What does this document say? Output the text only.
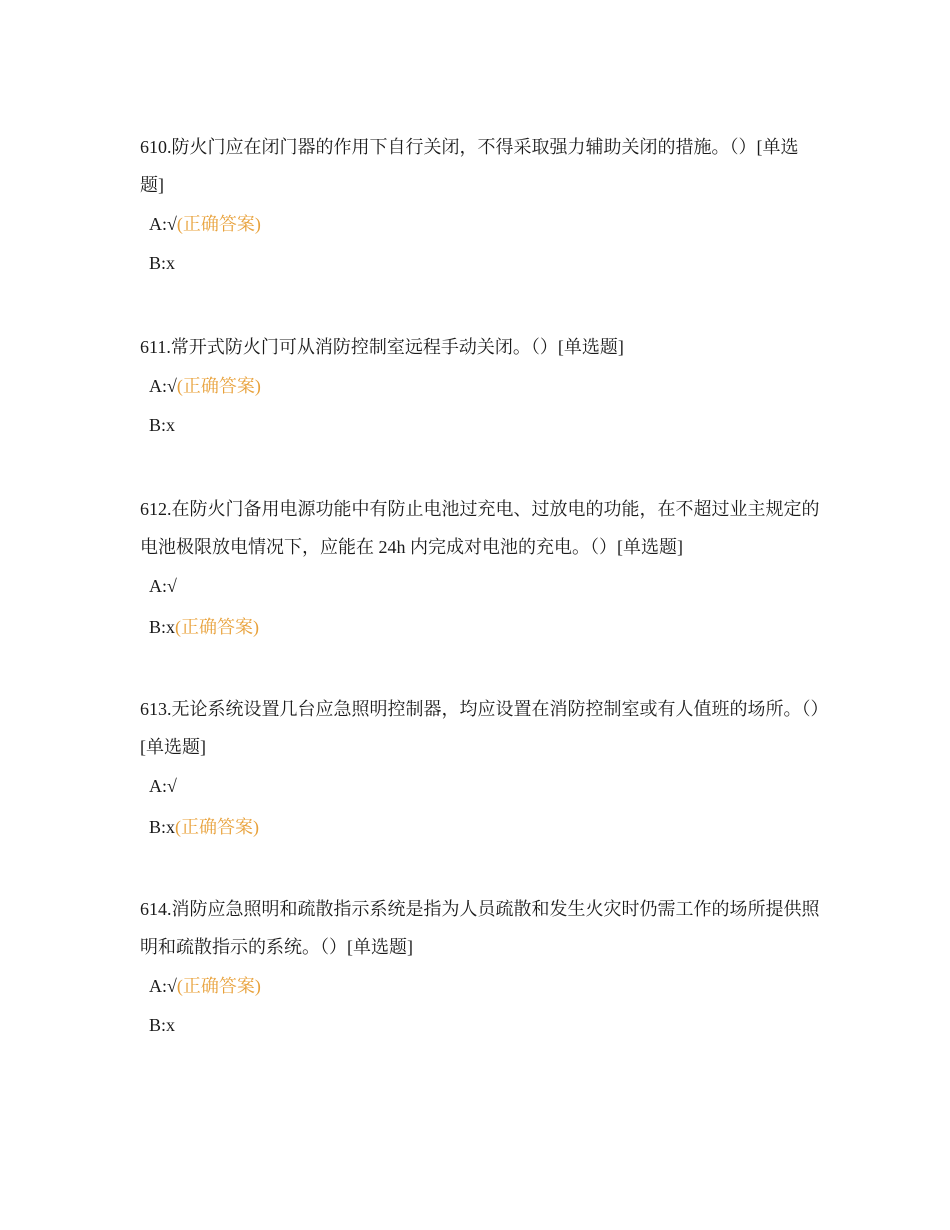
610.防火门应在闭门器的作用下自行关闭，不得采取强力辅助关闭的措施。（）[单选题]

A:√(正确答案)
B:x

611.常开式防火门可从消防控制室远程手动关闭。（）[单选题]

A:√(正确答案)
B:x

612.在防火门备用电源功能中有防止电池过充电、过放电的功能，在不超过业主规定的电池极限放电情况下，应能在 24h 内完成对电池的充电。（）[单选题]

A:√
B:x(正确答案)

613.无论系统设置几台应急照明控制器，均应设置在消防控制室或有人值班的场所。（）[单选题]

A:√
B:x(正确答案)

614.消防应急照明和疏散指示系统是指为人员疏散和发生火灾时仍需工作的场所提供照明和疏散指示的系统。（）[单选题]

A:√(正确答案)
B:x
